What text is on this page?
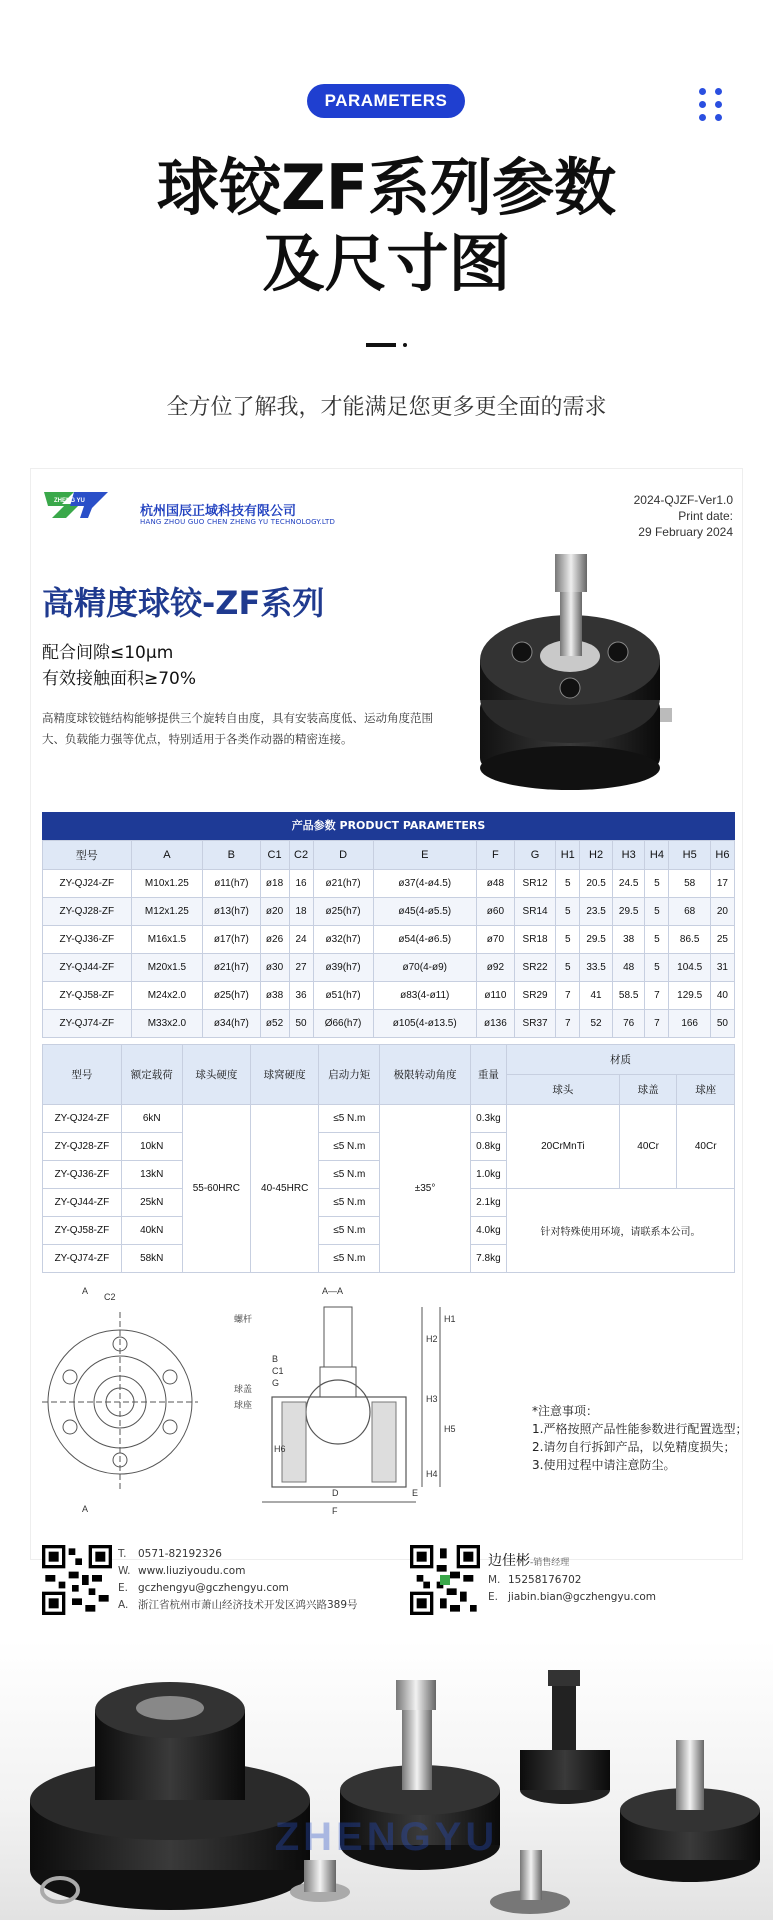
PARAMETERS
球铰ZF系列参数
及尺寸图
全方位了解我，才能满足您更多更全面的需求
ZHENG YU
杭州国辰正域科技有限公司
HANG ZHOU GUO CHEN ZHENG YU TECHNOLOGY.LTD
2024-QJZF-Ver1.0
Print date:
29 February 2024
高精度球铰-ZF系列
配合间隙≤10μm
有效接触面积≥70%
高精度球铰链结构能够提供三个旋转自由度，具有安装高度低、运动角度范围大、负载能力强等优点，特别适用于各类作动器的精密连接。
产品参数 PRODUCT PARAMETERS
型号	A	B	C1	C2	D	E	F	G	H1	H2	H3	H4	H5	H6
ZY-QJ24-ZF	M10x1.25	ø11(h7)	ø18	16	ø21(h7)	ø37(4-ø4.5)	ø48	SR12	5	20.5	24.5	5	58	17
ZY-QJ28-ZF	M12x1.25	ø13(h7)	ø20	18	ø25(h7)	ø45(4-ø5.5)	ø60	SR14	5	23.5	29.5	5	68	20
ZY-QJ36-ZF	M16x1.5	ø17(h7)	ø26	24	ø32(h7)	ø54(4-ø6.5)	ø70	SR18	5	29.5	38	5	86.5	25
ZY-QJ44-ZF	M20x1.5	ø21(h7)	ø30	27	ø39(h7)	ø70(4-ø9)	ø92	SR22	5	33.5	48	5	104.5	31
ZY-QJ58-ZF	M24x2.0	ø25(h7)	ø38	36	ø51(h7)	ø83(4-ø11)	ø110	SR29	7	41	58.5	7	129.5	40
ZY-QJ74-ZF	M33x2.0	ø34(h7)	ø52	50	Ø66(h7)	ø105(4-ø13.5)	ø136	SR37	7	52	76	7	166	50
型号	额定载荷	球头硬度	球窝硬度	启动力矩	极限转动角度	重量	材质		
							球头	球盖	球座
ZY-QJ24-ZF	6kN	55-60HRC	40-45HRC	≤5 N.m	±35°	0.3kg	20CrMnTi	40Cr	40Cr
ZY-QJ28-ZF	10kN			≤5 N.m		0.8kg			
ZY-QJ36-ZF	13kN			≤5 N.m		1.0kg			
ZY-QJ44-ZF	25kN			≤5 N.m		2.1kg	针对特殊使用环境，请联系本公司。		
ZY-QJ58-ZF	40kN			≤5 N.m		4.0kg			
ZY-QJ74-ZF	58kN			≤5 N.m		7.8kg			
C2
A
A
A—A
螺杆
球盖
球座
B
C1
G
D
F
E
H2
H3
H4
H5
H6
H1
*注意事项：
1.严格按照产品性能参数进行配置选型；
2.请勿自行拆卸产品，以免精度损失；
3.使用过程中请注意防尘。
T. 0571-82192326
W. www.liuziyoudu.com
E. gczhengyu@gczhengyu.com
A. 浙江省杭州市萧山经济技术开发区鸿兴路389号
边佳彬-销售经理
M. 15258176702
E. jiabin.bian@gczhengyu.com
ZHENGYU
